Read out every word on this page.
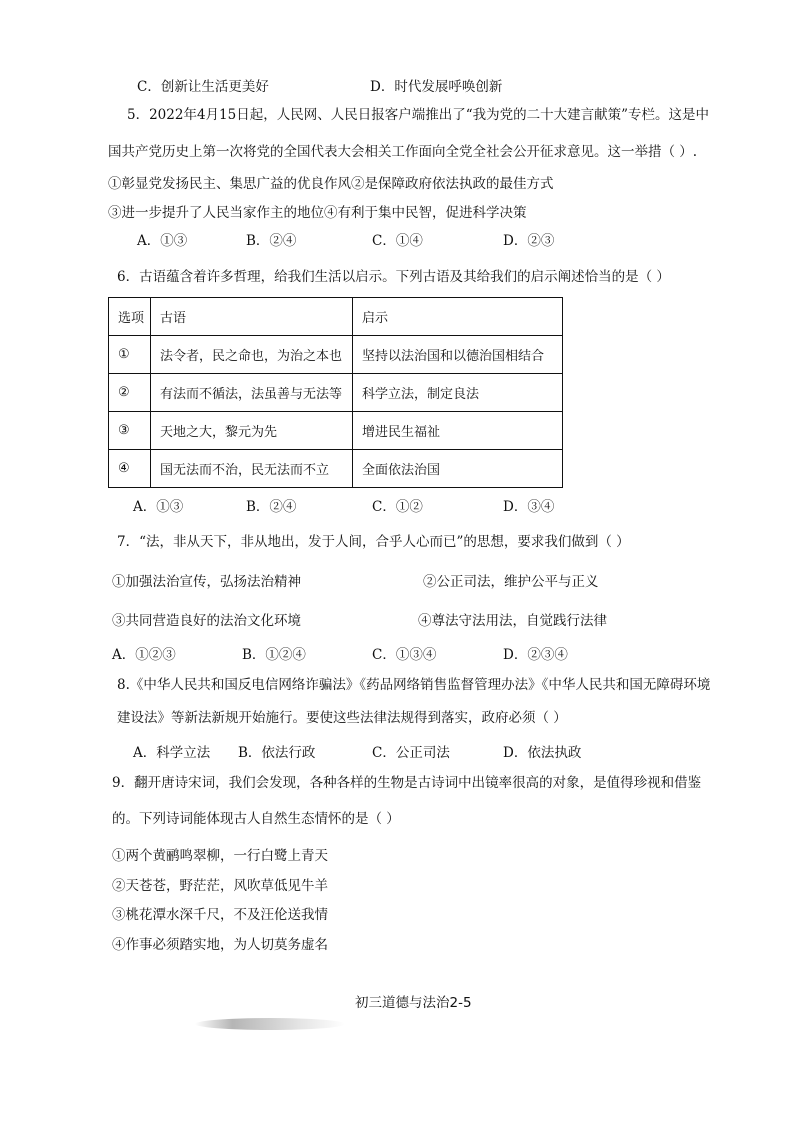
C．创新让生活更美好	D．时代发展呼唤创新
5．2022年4月15日起，人民网、人民日报客户端推出了“我为党的二十大建言献策”专栏。这是中
国共产党历史上第一次将党的全国代表大会相关工作面向全党全社会公开征求意见。这一举措（ ）.
①彰显党发扬民主、集思广益的优良作风②是保障政府依法执政的最佳方式
③进一步提升了人民当家作主的地位④有利于集中民智，促进科学决策
A．①③	B．②④	C．①④	D．②③
6．古语蕴含着许多哲理，给我们生活以启示。下列古语及其给我们的启示阐述恰当的是（ ）
选项	古语	启示
①	法令者，民之命也，为治之本也	坚持以法治国和以德治国相结合
②	有法而不循法，法虽善与无法等	科学立法，制定良法
③	天地之大，黎元为先	增进民生福祉
④	国无法而不治，民无法而不立	全面依法治国
A．①③	B．②④	C．①②	D．③④
7．“法，非从天下，非从地出，发于人间，合乎人心而已”的思想，要求我们做到（ ）
①加强法治宣传，弘扬法治精神	②公正司法，维护公平与正义
③共同营造良好的法治文化环境	④尊法守法用法，自觉践行法律
A．①②③	B．①②④	C．①③④	D．②③④
8.《中华人民共和国反电信网络诈骗法》《药品网络销售监督管理办法》《中华人民共和国无障碍环境
建设法》等新法新规开始施行。要使这些法律法规得到落实，政府必须（ ）
A．科学立法 B．依法行政	C．公正司法	D．依法执政
9．翻开唐诗宋词，我们会发现，各种各样的生物是古诗词中出镜率很高的对象，是值得珍视和借鉴
的。下列诗词能体现古人自然生态情怀的是（ ）
①两个黄鹂鸣翠柳，一行白鹭上青天
②天苍苍，野茫茫，风吹草低见牛羊
③桃花潭水深千尺，不及汪伦送我情
④作事必须踏实地，为人切莫务虚名
初三道德与法治2-5
